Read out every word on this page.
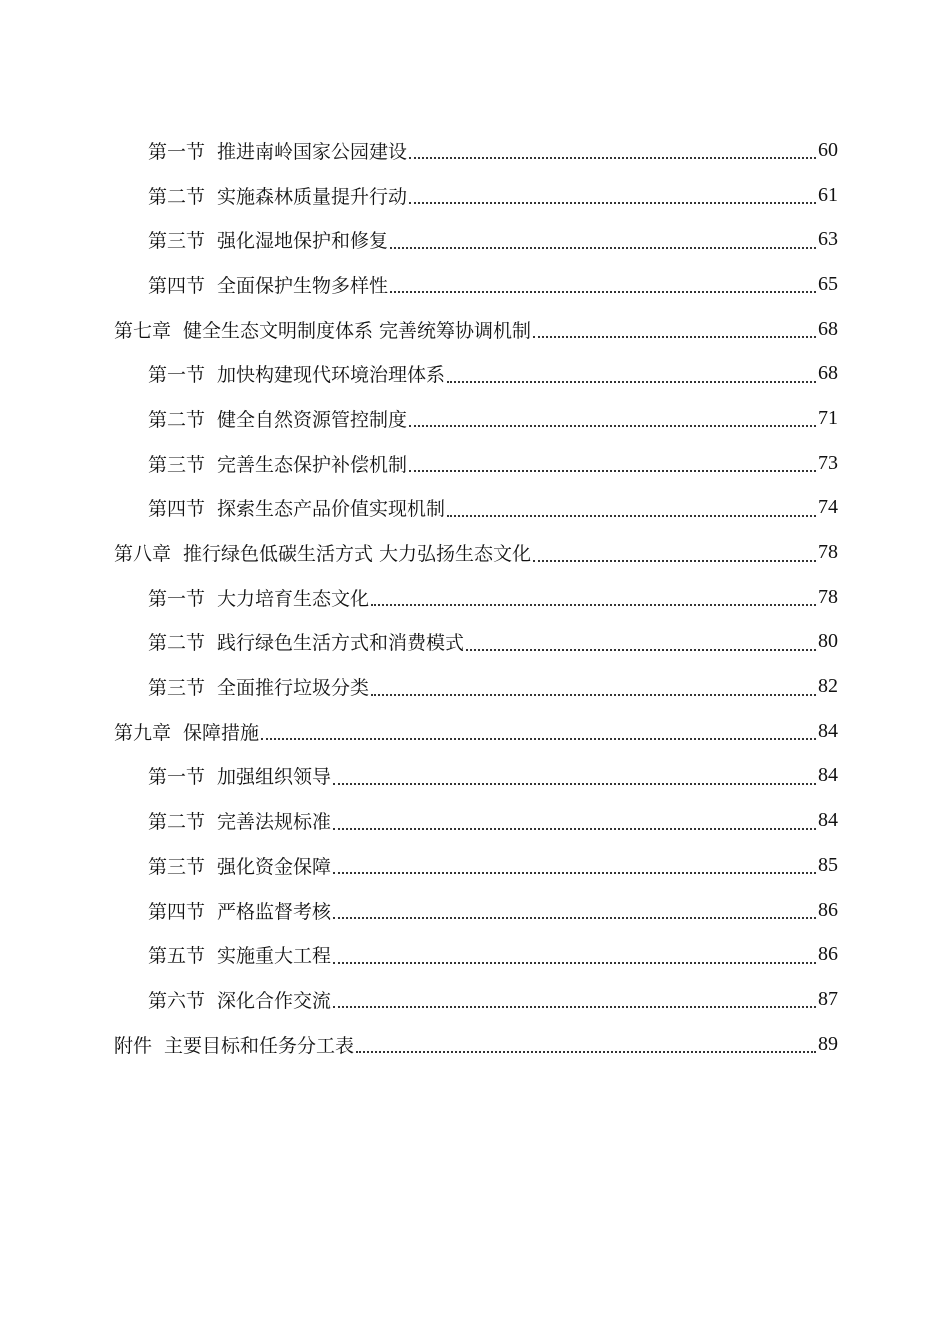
第一节 推进南岭国家公园建设	60
第二节 实施森林质量提升行动	61
第三节 强化湿地保护和修复	63
第四节 全面保护生物多样性	65
第七章 健全生态文明制度体系 完善统筹协调机制	68
第一节 加快构建现代环境治理体系	68
第二节 健全自然资源管控制度	71
第三节 完善生态保护补偿机制	73
第四节 探索生态产品价值实现机制	74
第八章 推行绿色低碳生活方式 大力弘扬生态文化	78
第一节 大力培育生态文化	78
第二节 践行绿色生活方式和消费模式	80
第三节 全面推行垃圾分类	82
第九章 保障措施	84
第一节 加强组织领导	84
第二节 完善法规标准	84
第三节 强化资金保障	85
第四节 严格监督考核	86
第五节 实施重大工程	86
第六节 深化合作交流	87
附件 主要目标和任务分工表	89
